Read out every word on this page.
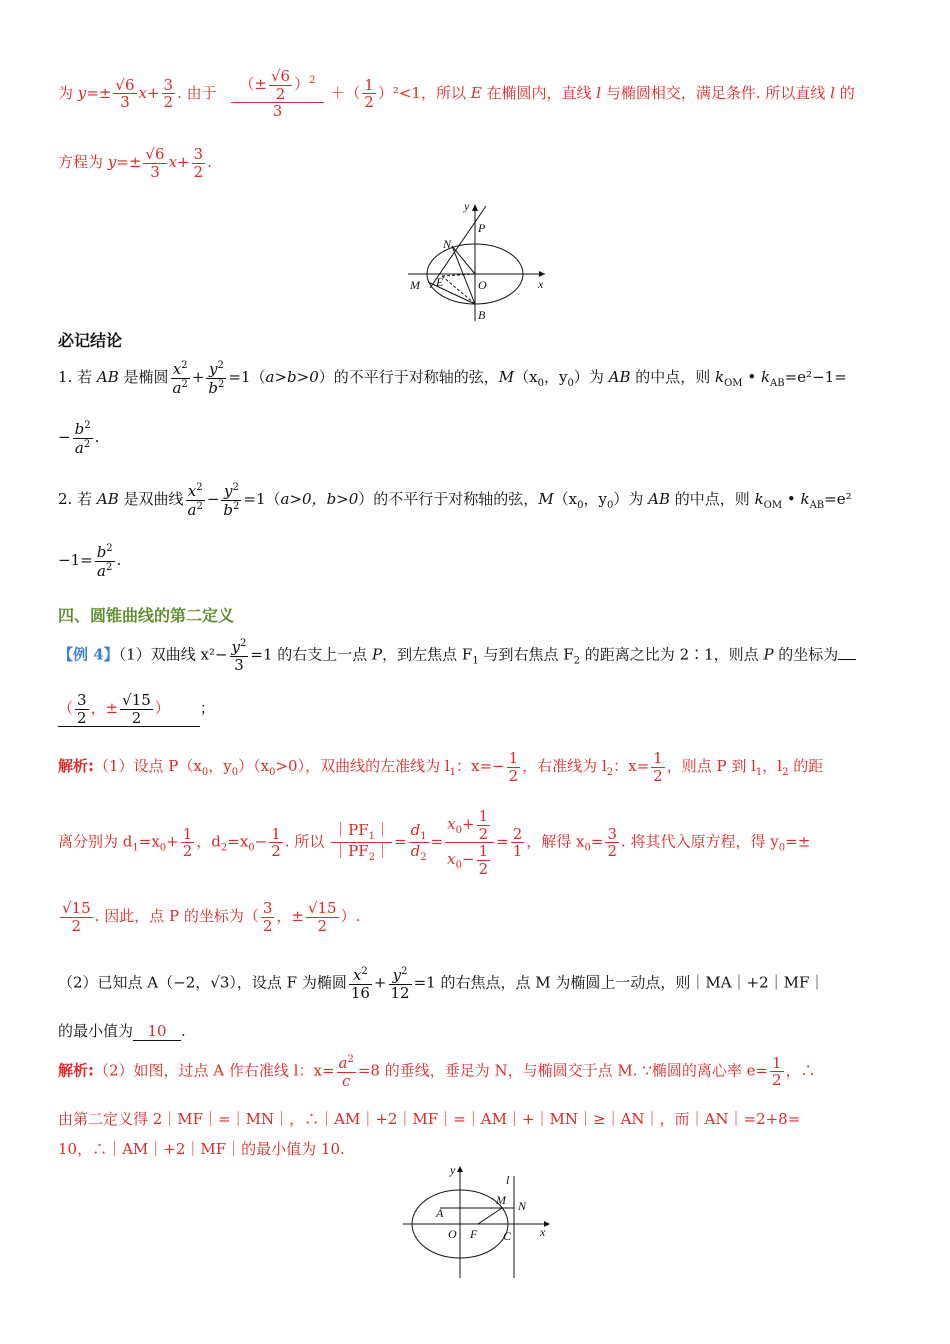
为 $y=\pm \frac{√6}{3} x+ \frac{3}{2}$ . 由于 $\frac{(\pm \frac{√6}{2} )^2}{3}$ ＋（ $\frac{1}{2} )^2<1$，所以 E 在椭圆内，直线 l 与椭圆相交，满足条件. 所以直线 l 的
方程为 $y=\pm \frac{√6}{3} x+ \frac{3}{2}$ .
y
P
N
M E	O	x
B
必记结论
1. 若 AB 是椭圆 $\frac{x^2}{a^2} + \frac{y^2}{b^2} =1(a>b>0)$的不平行于对称轴的弦，$M(x_0$，$y_0$）为 AB 的中点，则 $k_{OM}$ • $k_{AB}=e^2-1=$
− $\frac{b^2}{a^2}$ .
2. 若 AB 是双曲线 $\frac{x^2}{a^2} - \frac{y^2}{b^2} =1(a>0$，b>0）的不平行于对称轴的弦，$M(x_0$，$y_0$）为 AB 的中点，则 $k_{OM}$ • $k_{AB}=e^2$
$-1= \frac{b^2}{a^2}$ .
四、圆锥曲线的第二定义
【例 4】（1）双曲线 $x^2- \frac{y^2}{3} =1$ 的右支上一点 P，到左焦点 $F_1$ 与到右焦点 $F_2$ 的距离之比为 2∶1，则点 P 的坐标为
（ $\frac{3}{2}$ ，± $\frac{√15}{2}$ ） ；
解析:（1）设点 $P(x_0$，$y_0)(x_0>0)$，双曲线的左准线为 $l_1$：$x=- \frac{1}{2}$ ，右准线为 $l_2$：$x= \frac{1}{2}$ ，则点 P 到 $l_1$，$l_2$ 的距
离分别为 $d_1=x_0+ \frac{1}{2}$ ，$d_2=x_0- \frac{1}{2}$ . 所以 $\frac{|PF_1|}{|PF_2|} = \frac{d_1}{d_2} = \frac{x_0+ \frac{1}{2}}{x_0- \frac{1}{2}} = \frac{2}{1}$ ，解得 $x_0= \frac{3}{2}$ . 将其代入原方程，得 $y_0=\pm$
$\frac{√15}{2}$ . 因此，点 P 的坐标为（ $\frac{3}{2}$ ，± $\frac{√15}{2}$ ）.
（2）已知点 A（−2，√3），设点 F 为椭圆 $\frac{x^2}{16} + \frac{y^2}{12} =1$ 的右焦点，点 M 为椭圆上一动点，则｜MA｜+2｜MF｜
的最小值为 10 .
解析:（2）如图，过点 A 作右准线 l：$x= \frac{a^2}{c} =8$ 的垂线，垂足为 N，与椭圆交于点 M. ∵椭圆的离心率 $e= \frac{1}{2}$ ，∴
由第二定义得 2｜MF｜=｜MN｜，∴｜AM｜+2｜MF｜=｜AM｜+｜MN｜≥｜AN｜，而｜AN｜=2+8=
10，∴｜AM｜+2｜MF｜的最小值为 10.
y
l
M N
A
O F C x
